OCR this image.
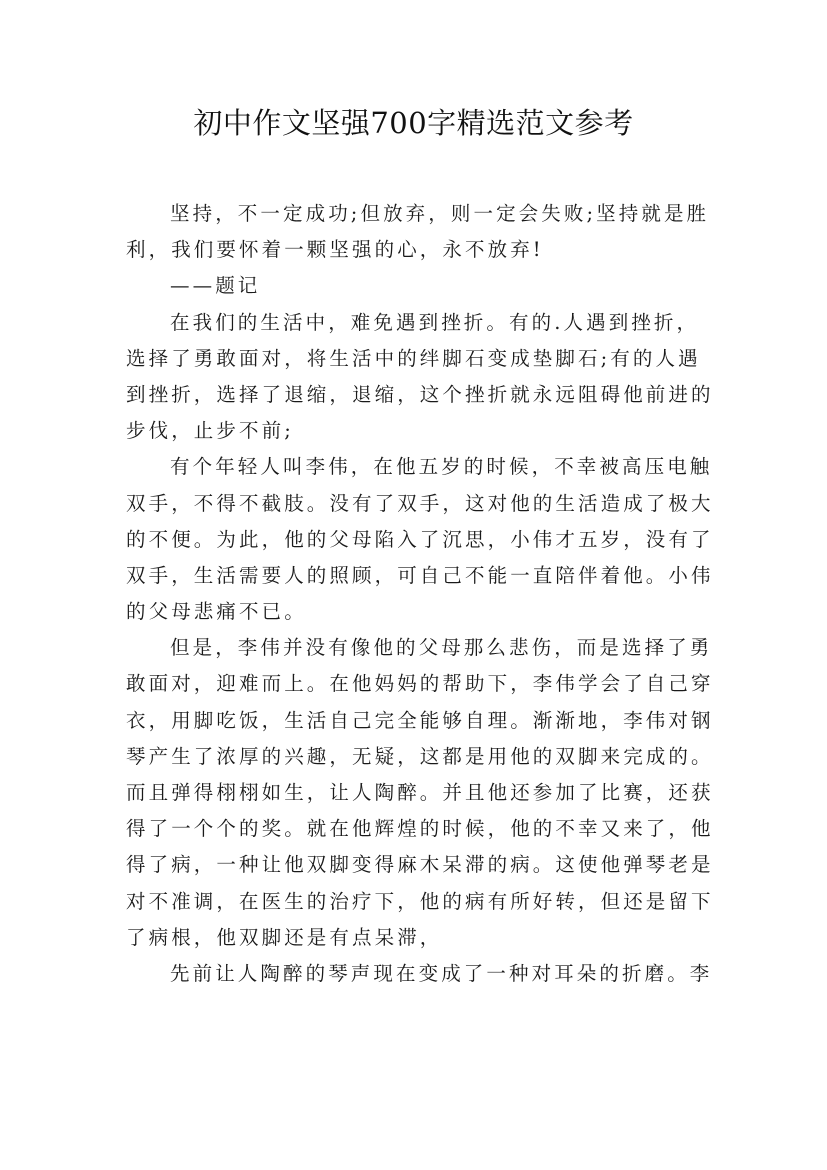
初中作文坚强700字精选范文参考
坚持，不一定成功;但放弃，则一定会失败;坚持就是胜
利，我们要怀着一颗坚强的心，永不放弃!
——题记
在我们的生活中，难免遇到挫折。有的.人遇到挫折，
选择了勇敢面对，将生活中的绊脚石变成垫脚石;有的人遇
到挫折，选择了退缩，退缩，这个挫折就永远阻碍他前进的
步伐，止步不前;
有个年轻人叫李伟，在他五岁的时候，不幸被高压电触
双手，不得不截肢。没有了双手，这对他的生活造成了极大
的不便。为此，他的父母陷入了沉思，小伟才五岁，没有了
双手，生活需要人的照顾，可自己不能一直陪伴着他。小伟
的父母悲痛不已。
但是，李伟并没有像他的父母那么悲伤，而是选择了勇
敢面对，迎难而上。在他妈妈的帮助下，李伟学会了自己穿
衣，用脚吃饭，生活自己完全能够自理。渐渐地，李伟对钢
琴产生了浓厚的兴趣，无疑，这都是用他的双脚来完成的。
而且弹得栩栩如生，让人陶醉。并且他还参加了比赛，还获
得了一个个的奖。就在他辉煌的时候，他的不幸又来了，他
得了病，一种让他双脚变得麻木呆滞的病。这使他弹琴老是
对不准调，在医生的治疗下，他的病有所好转，但还是留下
了病根，他双脚还是有点呆滞，
先前让人陶醉的琴声现在变成了一种对耳朵的折磨。李
